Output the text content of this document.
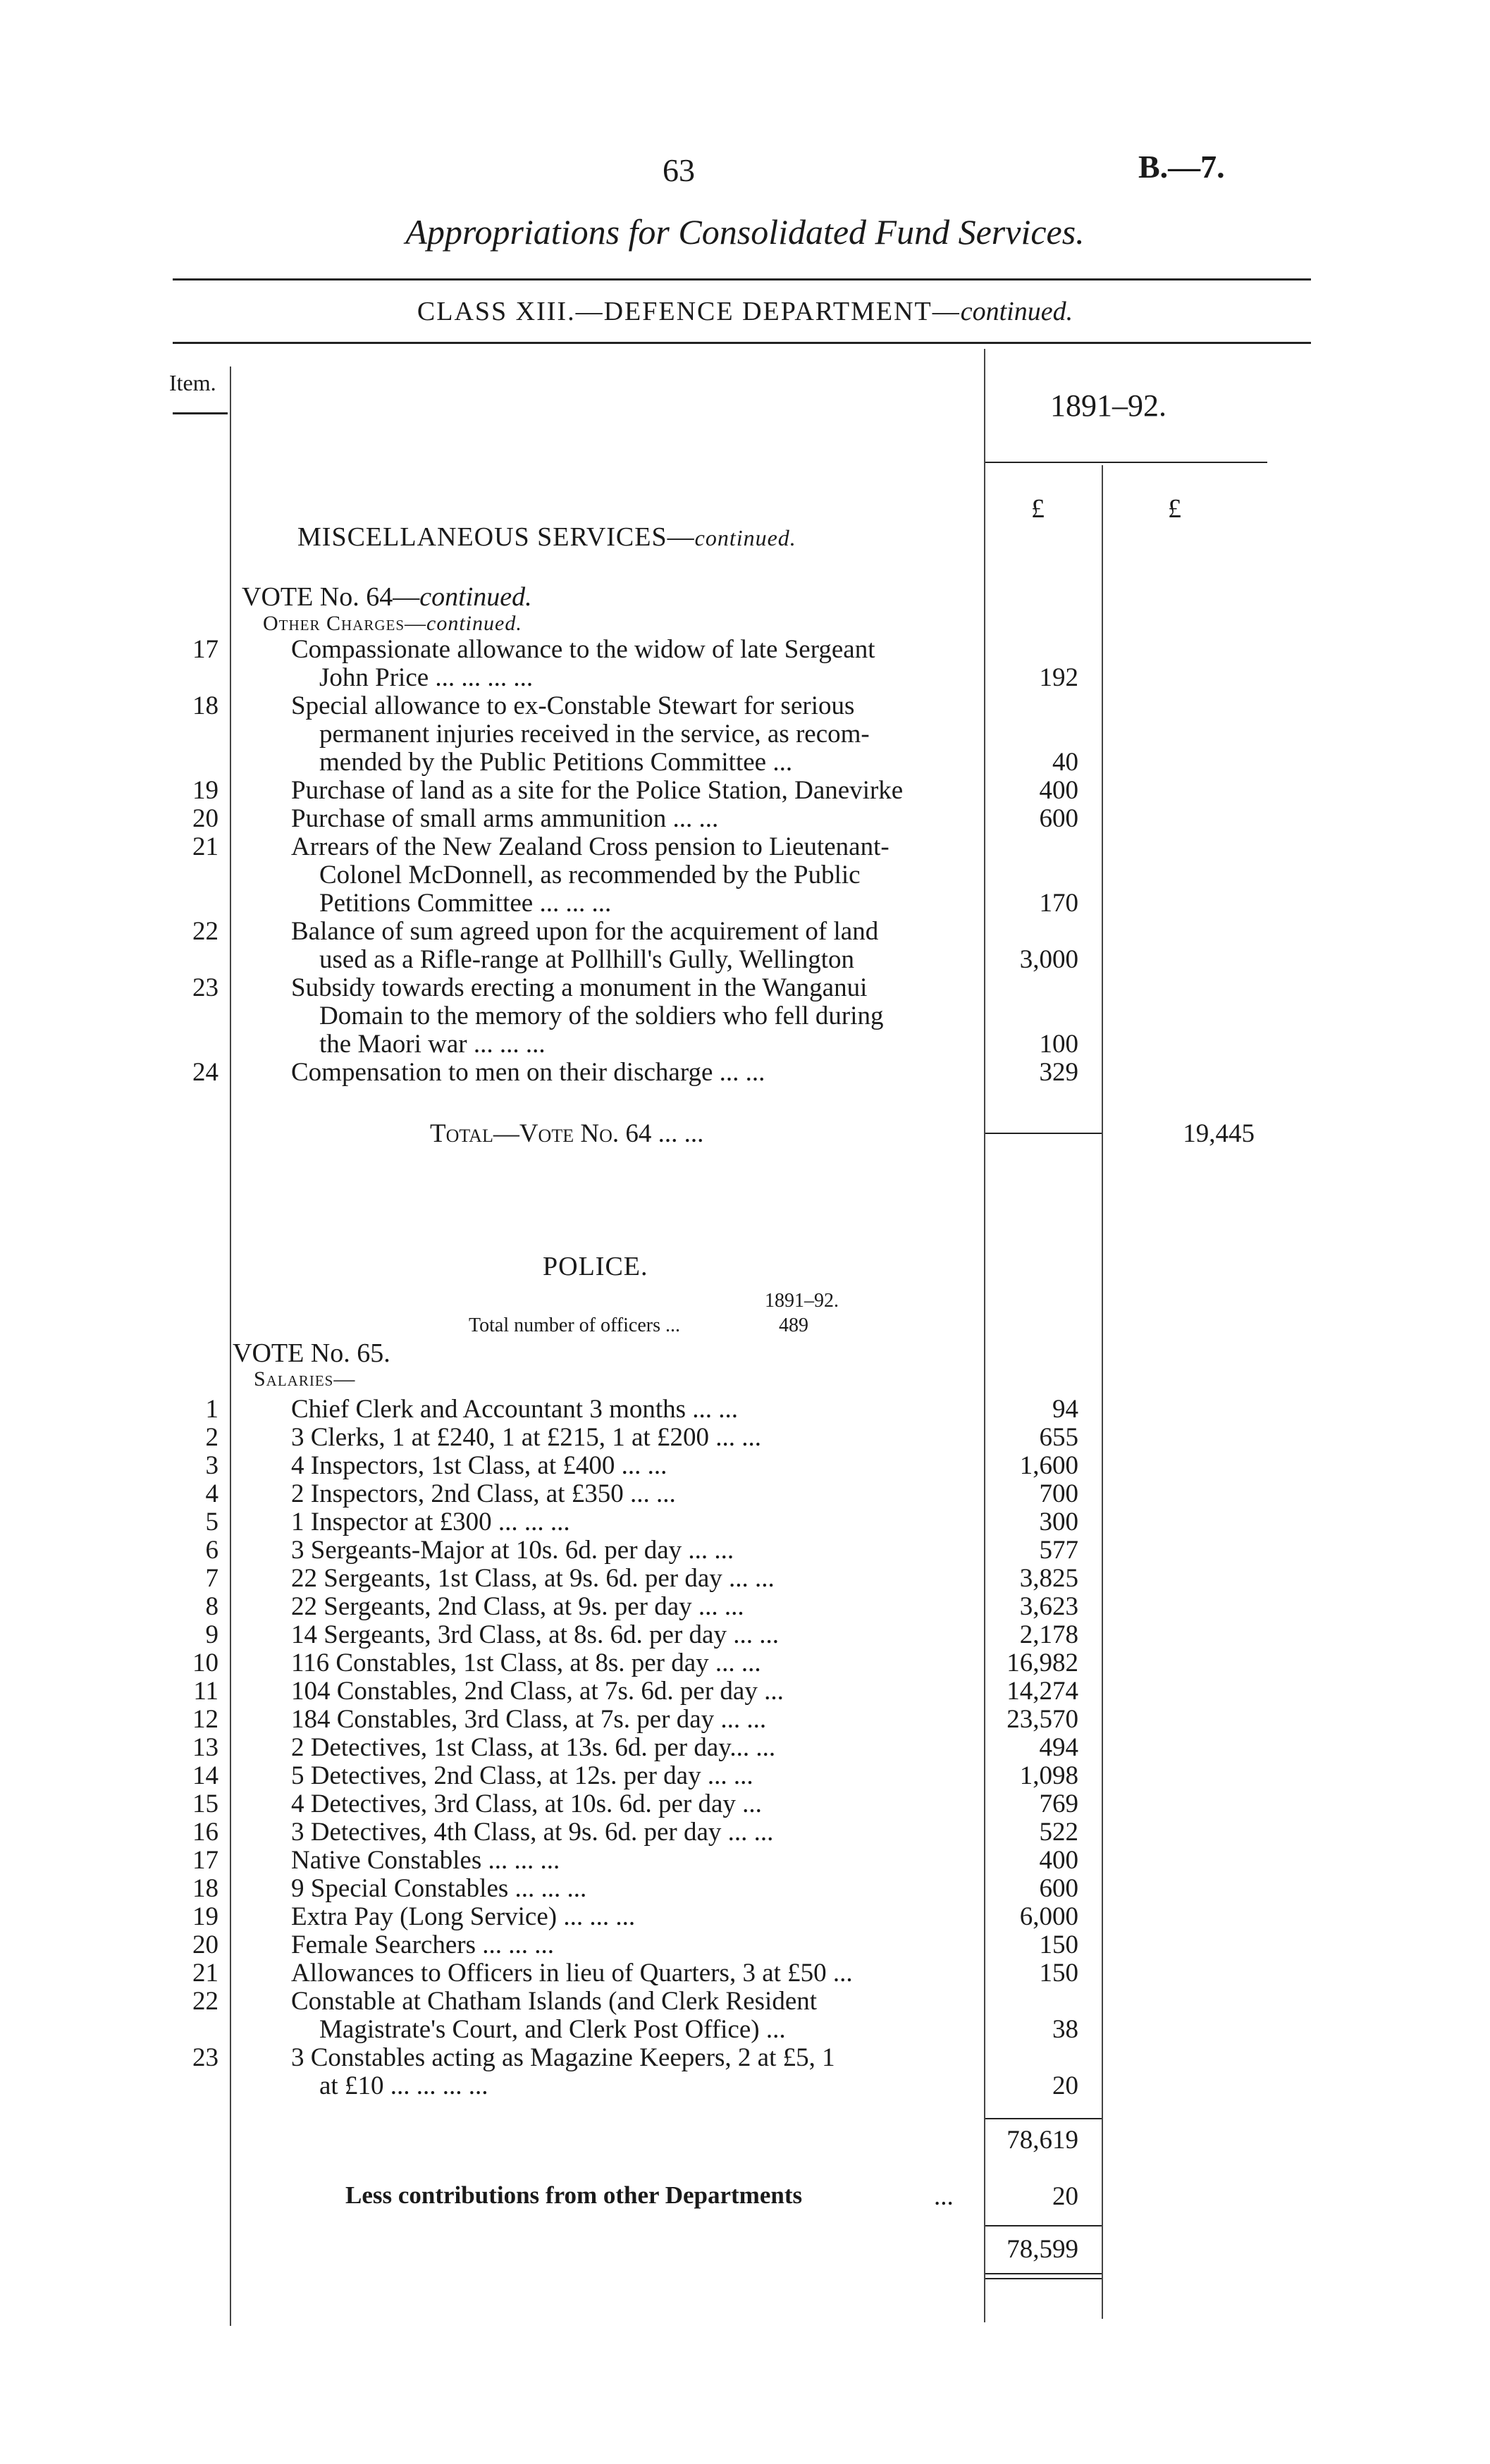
63	B.—7.
Appropriations for Consolidated Fund Services.
CLASS XIII.—DEFENCE DEPARTMENT—continued.
Item.
1891–92.
£	£
MISCELLANEOUS SERVICES—continued.
VOTE No. 64—continued.
Other Charges—continued.
17	Compassionate allowance to the widow of late Sergeant
John Price ... ... ... ...	192
18	Special allowance to ex-Constable Stewart for serious
permanent injuries received in the service, as recom-
mended by the Public Petitions Committee ...	40
19	Purchase of land as a site for the Police Station, Danevirke	400
20	Purchase of small arms ammunition ... ...	600
21	Arrears of the New Zealand Cross pension to Lieutenant-
Colonel McDonnell, as recommended by the Public
Petitions Committee ... ... ...	170
22	Balance of sum agreed upon for the acquirement of land
used as a Rifle-range at Pollhill's Gully, Wellington	3,000
23	Subsidy towards erecting a monument in the Wanganui
Domain to the memory of the soldiers who fell during
the Maori war ... ... ...	100
24	Compensation to men on their discharge ... ...	329
Total—Vote No. 64 ... ...	19,445
POLICE.
1891–92.
Total number of officers ...	489
VOTE No. 65.
Salaries—
1	Chief Clerk and Accountant 3 months ... ...	94
2	3 Clerks, 1 at £240, 1 at £215, 1 at £200 ... ...	655
3	4 Inspectors, 1st Class, at £400 ... ...	1,600
4	2 Inspectors, 2nd Class, at £350 ... ...	700
5	1 Inspector at £300 ... ... ...	300
6	3 Sergeants-Major at 10s. 6d. per day ... ...	577
7	22 Sergeants, 1st Class, at 9s. 6d. per day ... ...	3,825
8	22 Sergeants, 2nd Class, at 9s. per day ... ...	3,623
9	14 Sergeants, 3rd Class, at 8s. 6d. per day ... ...	2,178
10	116 Constables, 1st Class, at 8s. per day ... ...	16,982
11	104 Constables, 2nd Class, at 7s. 6d. per day ...	14,274
12	184 Constables, 3rd Class, at 7s. per day ... ...	23,570
13	2 Detectives, 1st Class, at 13s. 6d. per day... ...	494
14	5 Detectives, 2nd Class, at 12s. per day ... ...	1,098
15	4 Detectives, 3rd Class, at 10s. 6d. per day ...	769
16	3 Detectives, 4th Class, at 9s. 6d. per day ... ...	522
17	Native Constables ... ... ...	400
18	9 Special Constables ... ... ...	600
19	Extra Pay (Long Service) ... ... ...	6,000
20	Female Searchers ... ... ...	150
21	Allowances to Officers in lieu of Quarters, 3 at £50 ...	150
22	Constable at Chatham Islands (and Clerk Resident
Magistrate's Court, and Clerk Post Office) ...	38
23	3 Constables acting as Magazine Keepers, 2 at £5, 1
at £10 ... ... ... ...	20
78,619
Less contributions from other Departments	...	20
78,599
